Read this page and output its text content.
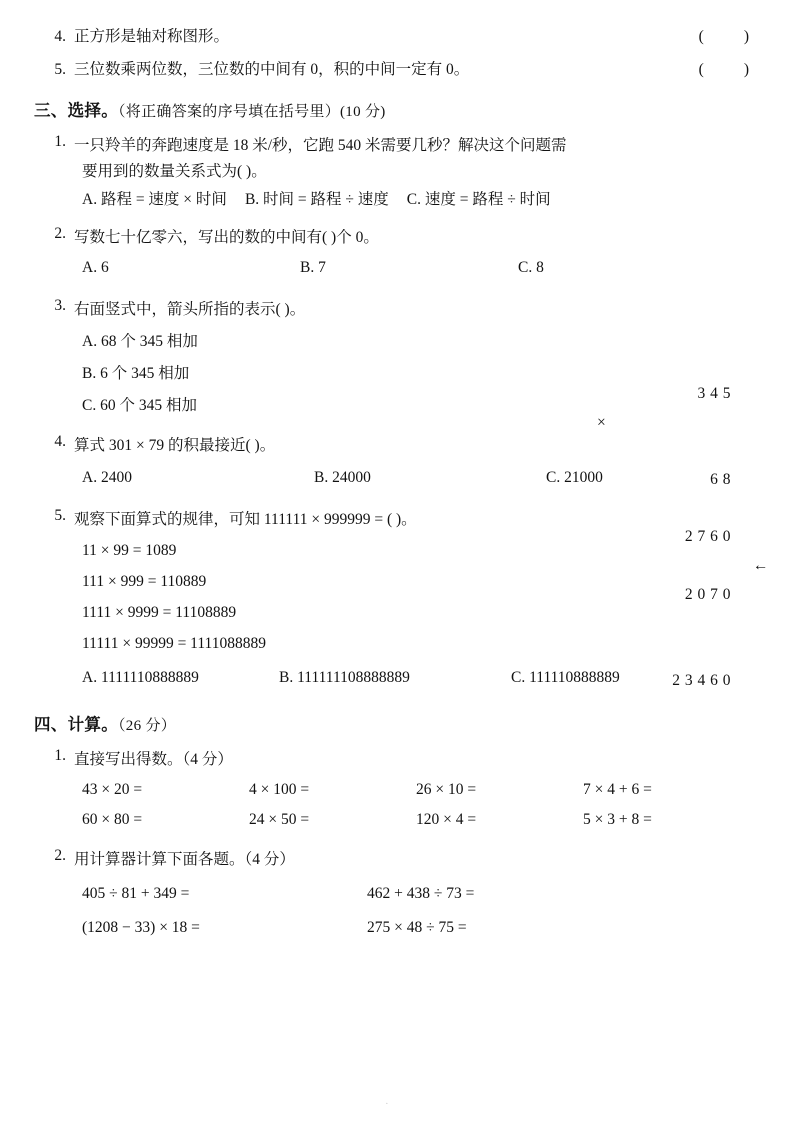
4. 正方形是轴对称图形。	(        )
5. 三位数乘两位数，三位数的中间有 0，积的中间一定有 0。	(        )
三、选择。（将正确答案的序号填在括号里）(10 分)
1. 一只羚羊的奔跑速度是 18 米/秒，它跑 540 米需要几秒？解决这个问题需
要用到的数量关系式为( )。
A. 路程 = 速度 × 时间 B. 时间 = 路程 ÷ 速度 C. 速度 = 路程 ÷ 时间
2. 写数七十亿零六，写出的数的中间有( )个 0。
A. 6	B. 7	C. 8
3. 右面竖式中，箭头所指的表示( )。
A. 68 个 345 相加
B. 6 个 345 相加
C. 60 个 345 相加
4. 算式 301 × 79 的积最接近( )。
A. 2400	B. 24000	C. 21000
5. 观察下面算式的规律，可知 111111 × 999999 = ( )。
11 × 99 = 1089
111 × 999 = 110889
1111 × 9999 = 11108889
11111 × 99999 = 1111088889
A. 1111110888889	B. 111111108888889	C. 111110888889
四、计算。（26 分）
1. 直接写出得数。（4 分）
43 × 20 =	4 × 100 =	26 × 10 =	7 × 4 + 6 =
60 × 80 =	24 × 50 =	120 × 4 =	5 × 3 + 8 =
2. 用计算器计算下面各题。（4 分）
405 ÷ 81 + 349 =	462 + 438 ÷ 73 =
(1208 − 33) × 18 =	275 × 48 ÷ 75 =
3 4 5

×

6 8

2 7 6 0

2 0 7 0

←

2 3 4 6 0
·
